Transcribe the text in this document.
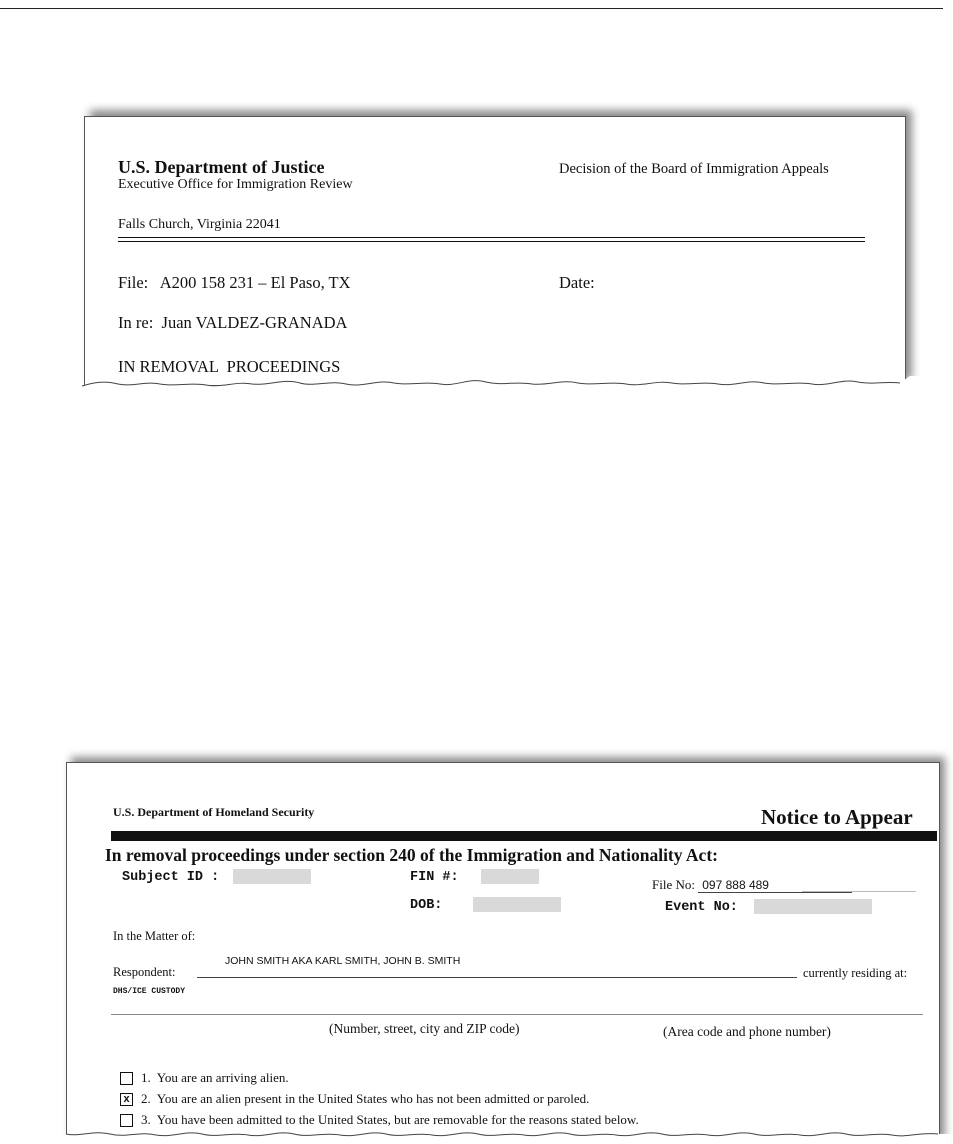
U.S. Department of Justice
Executive Office for Immigration Review
Decision of the Board of Immigration Appeals
Falls Church, Virginia 22041
File:   A200 158 231 – El Paso, TX	Date:
In re:  Juan VALDEZ-GRANADA
IN REMOVAL  PROCEEDINGS
U.S. Department of Homeland Security	Notice to Appear
In removal proceedings under section 240 of the Immigration and Nationality Act:
Subject ID :	FIN #:
DOB:
File No: 097 888 489
Event No:
In the Matter of:
Respondent:
JOHN SMITH AKA KARL SMITH, JOHN B. SMITH
currently residing at:
DHS/ICE CUSTODY
(Number, street, city and ZIP code)	(Area code and phone number)
1.  You are an arriving alien.
x 2.  You are an alien present in the United States who has not been admitted or paroled.
3.  You have been admitted to the United States, but are removable for the reasons stated below.
